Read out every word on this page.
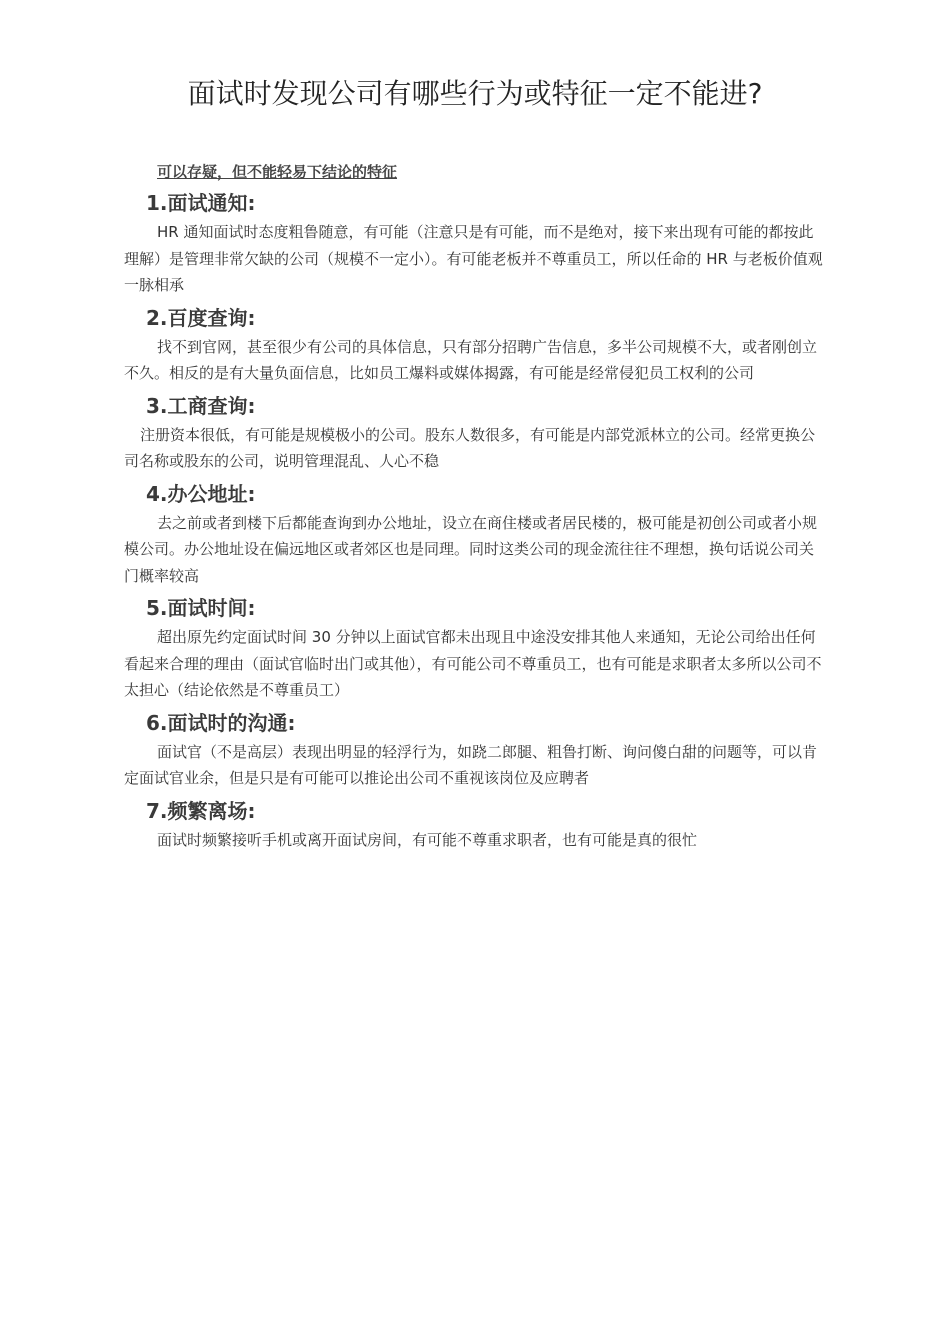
面试时发现公司有哪些行为或特征一定不能进?
可以存疑，但不能轻易下结论的特征
1.面试通知:

HR 通知面试时态度粗鲁随意，有可能（注意只是有可能，而不是绝对，接下来出现有可能的都按此理解）是管理非常欠缺的公司（规模不一定小）。有可能老板并不尊重员工，所以任命的 HR 与老板价值观一脉相承

2.百度查询:

找不到官网，甚至很少有公司的具体信息，只有部分招聘广告信息，多半公司规模不大，或者刚创立不久。相反的是有大量负面信息，比如员工爆料或媒体揭露，有可能是经常侵犯员工权利的公司

3.工商查询:

注册资本很低，有可能是规模极小的公司。股东人数很多，有可能是内部党派林立的公司。经常更换公司名称或股东的公司，说明管理混乱、人心不稳

4.办公地址:

去之前或者到楼下后都能查询到办公地址，设立在商住楼或者居民楼的，极可能是初创公司或者小规模公司。办公地址设在偏远地区或者郊区也是同理。同时这类公司的现金流往往不理想，换句话说公司关门概率较高

5.面试时间:

超出原先约定面试时间 30 分钟以上面试官都未出现且中途没安排其他人来通知，无论公司给出任何看起来合理的理由（面试官临时出门或其他），有可能公司不尊重员工，也有可能是求职者太多所以公司不太担心（结论依然是不尊重员工）

6.面试时的沟通:

面试官（不是高层）表现出明显的轻浮行为，如跷二郎腿、粗鲁打断、询问傻白甜的问题等，可以肯定面试官业余，但是只是有可能可以推论出公司不重视该岗位及应聘者

7.频繁离场:

面试时频繁接听手机或离开面试房间，有可能不尊重求职者，也有可能是真的很忙
